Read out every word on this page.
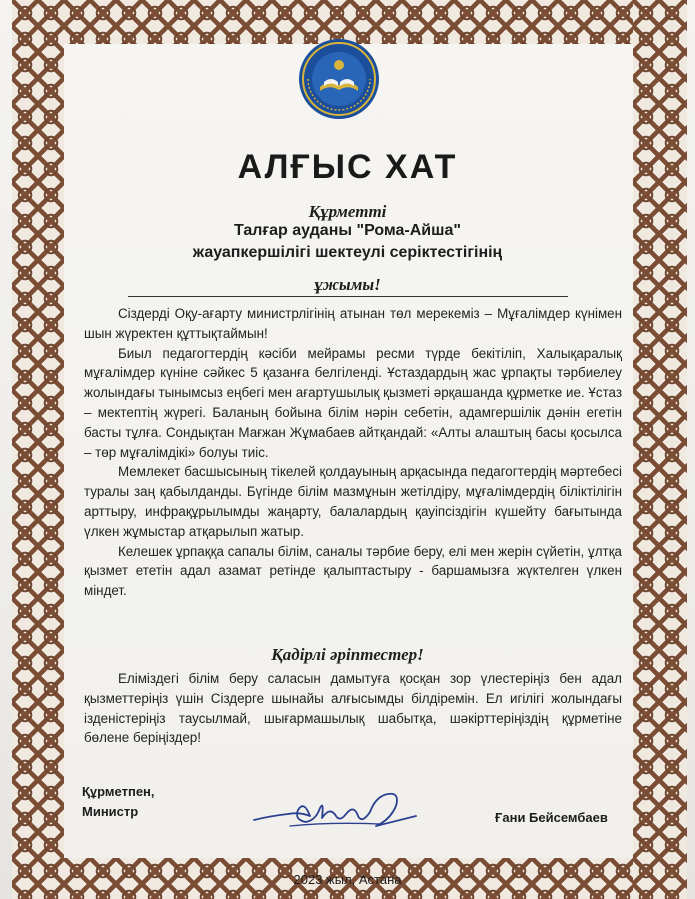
АЛҒЫС ХАТ
Құрметті
Талғар ауданы "Рома-Айша"
жауапкершілігі шектеулі серіктестігінің
ұжымы!

Сіздерді Оқу-ағарту министрлігінің атынан төл мерекеміз – Мұғалімдер күнімен шын жүректен құттықтаймын!

Биыл педагогтердің кәсіби мейрамы ресми түрде бекітіліп, Халықаралық мұғалімдер күніне сәйкес 5 қазанға белгіленді. Ұстаздардың жас ұрпақты тәрбиелеу жолындағы тынымсыз еңбегі мен ағартушылық қызметі әрқашанда құрметке ие. Ұстаз – мектептің жүрегі. Баланың бойына білім нәрін себетін, адамгершілік дәнін егетін басты тұлға. Сондықтан Мағжан Жұмабаев айтқандай: «Алты алаштың басы қосылса – төр мұғалімдікі» болуы тиіс.

Мемлекет басшысының тікелей қолдауының арқасында педагогтердің мәртебесі туралы заң қабылданды. Бүгінде білім мазмұнын жетілдіру, мұғалімдердің біліктілігін арттыру, инфрақұрылымды жаңарту, балалардың қауіпсіздігін күшейту бағытында үлкен жұмыстар атқарылып жатыр.

Келешек ұрпаққа сапалы білім, саналы тәрбие беру, елі мен жерін сүйетін, ұлтқа қызмет ететін адал азамат ретінде қалыптастыру - баршамызға жүктелген үлкен міндет.

Қадірлі әріптестер!

Еліміздегі білім беру саласын дамытуға қосқан зор үлестеріңіз бен адал қызметтеріңіз үшін Сіздерге шынайы алғысымды білдіремін. Ел игілігі жолындағы ізденістеріңіз таусылмай, шығармашылық шабытқа, шәкірттеріңіздің құрметіне бөлене беріңіздер!

Құрметпен,
Министр	Ғани Бейсембаев
2023 жыл, Астана
